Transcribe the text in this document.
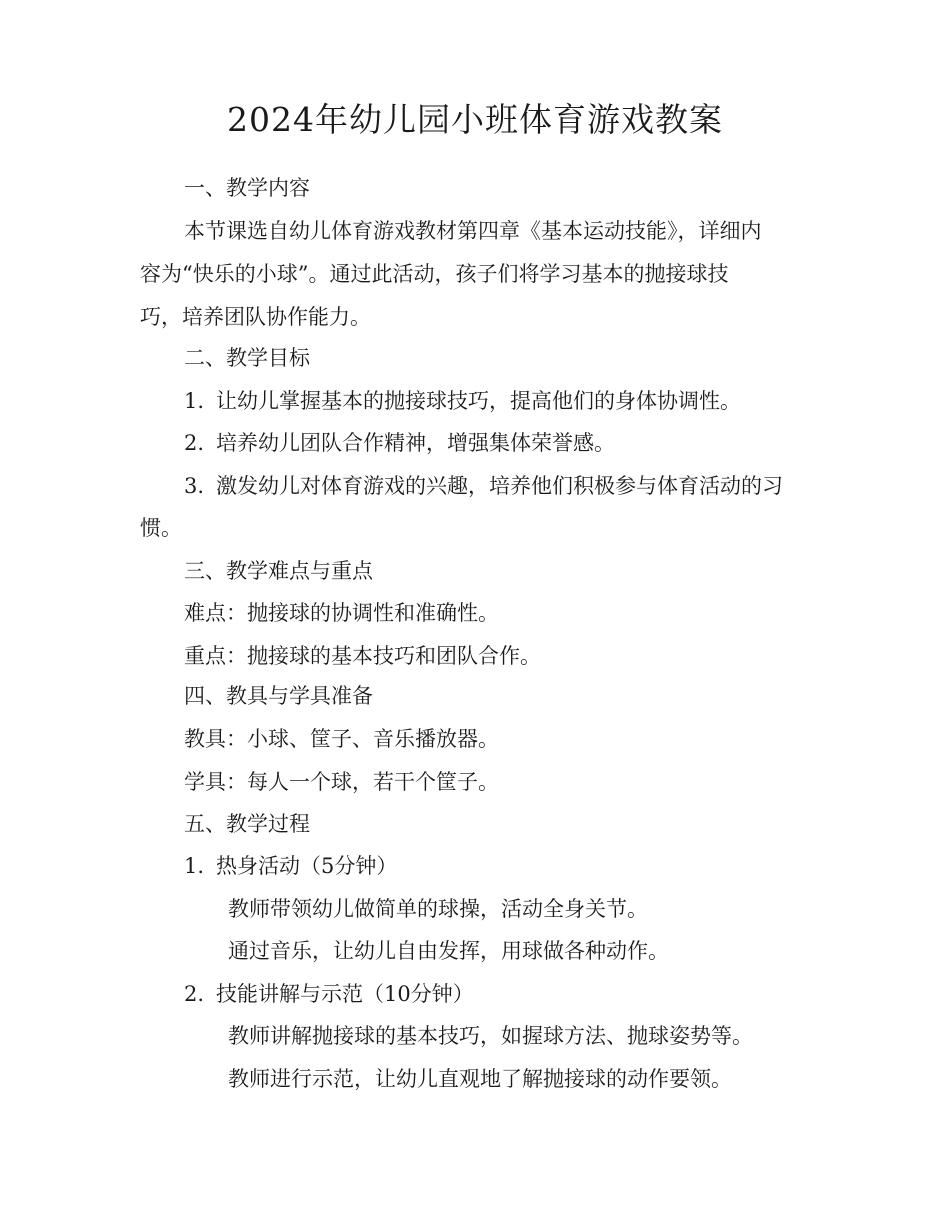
2024年幼儿园小班体育游戏教案

一、教学内容

本节课选自幼儿体育游戏教材第四章《基本运动技能》，详细内

容为“快乐的小球”。通过此活动，孩子们将学习基本的抛接球技

巧，培养团队协作能力。

二、教学目标

1. 让幼儿掌握基本的抛接球技巧，提高他们的身体协调性。

2. 培养幼儿团队合作精神，增强集体荣誉感。

3. 激发幼儿对体育游戏的兴趣，培养他们积极参与体育活动的习

惯。

三、教学难点与重点

难点：抛接球的协调性和准确性。

重点：抛接球的基本技巧和团队合作。

四、教具与学具准备

教具：小球、筐子、音乐播放器。

学具：每人一个球，若干个筐子。

五、教学过程

1. 热身活动（5分钟）

教师带领幼儿做简单的球操，活动全身关节。

通过音乐，让幼儿自由发挥，用球做各种动作。

2. 技能讲解与示范（10分钟）

教师讲解抛接球的基本技巧，如握球方法、抛球姿势等。

教师进行示范，让幼儿直观地了解抛接球的动作要领。
